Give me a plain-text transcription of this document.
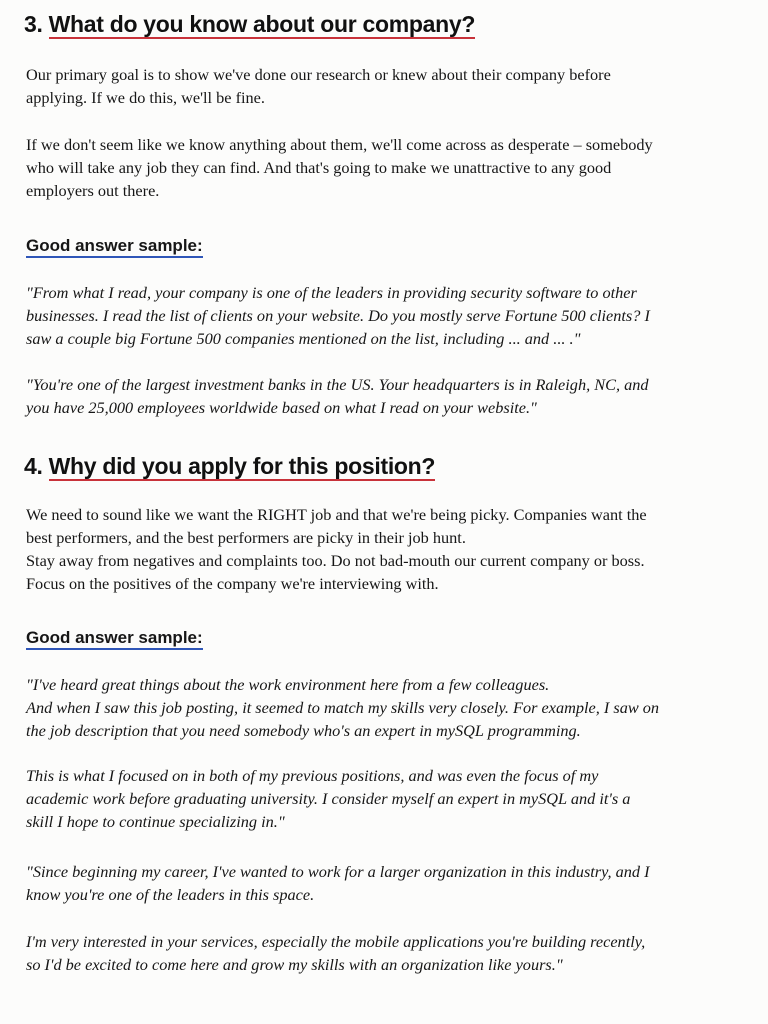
3. What do you know about our company?

Our primary goal is to show we've done our research or knew about their company before
applying. If we do this, we'll be fine.

If we don't seem like we know anything about them, we'll come across as desperate – somebody
who will take any job they can find. And that's going to make we unattractive to any good
employers out there.

Good answer sample:

"From what I read, your company is one of the leaders in providing security software to other
businesses. I read the list of clients on your website. Do you mostly serve Fortune 500 clients? I
saw a couple big Fortune 500 companies mentioned on the list, including ... and ... ."

"You're one of the largest investment banks in the US. Your headquarters is in Raleigh, NC, and
you have 25,000 employees worldwide based on what I read on your website."

4. Why did you apply for this position?

We need to sound like we want the RIGHT job and that we're being picky. Companies want the
best performers, and the best performers are picky in their job hunt.
Stay away from negatives and complaints too. Do not bad-mouth our current company or boss.
Focus on the positives of the company we're interviewing with.

Good answer sample:

"I've heard great things about the work environment here from a few colleagues.
And when I saw this job posting, it seemed to match my skills very closely. For example, I saw on
the job description that you need somebody who's an expert in mySQL programming.

This is what I focused on in both of my previous positions, and was even the focus of my
academic work before graduating university. I consider myself an expert in mySQL and it's a
skill I hope to continue specializing in."

"Since beginning my career, I've wanted to work for a larger organization in this industry, and I
know you're one of the leaders in this space.

I'm very interested in your services, especially the mobile applications you're building recently,
so I'd be excited to come here and grow my skills with an organization like yours."
